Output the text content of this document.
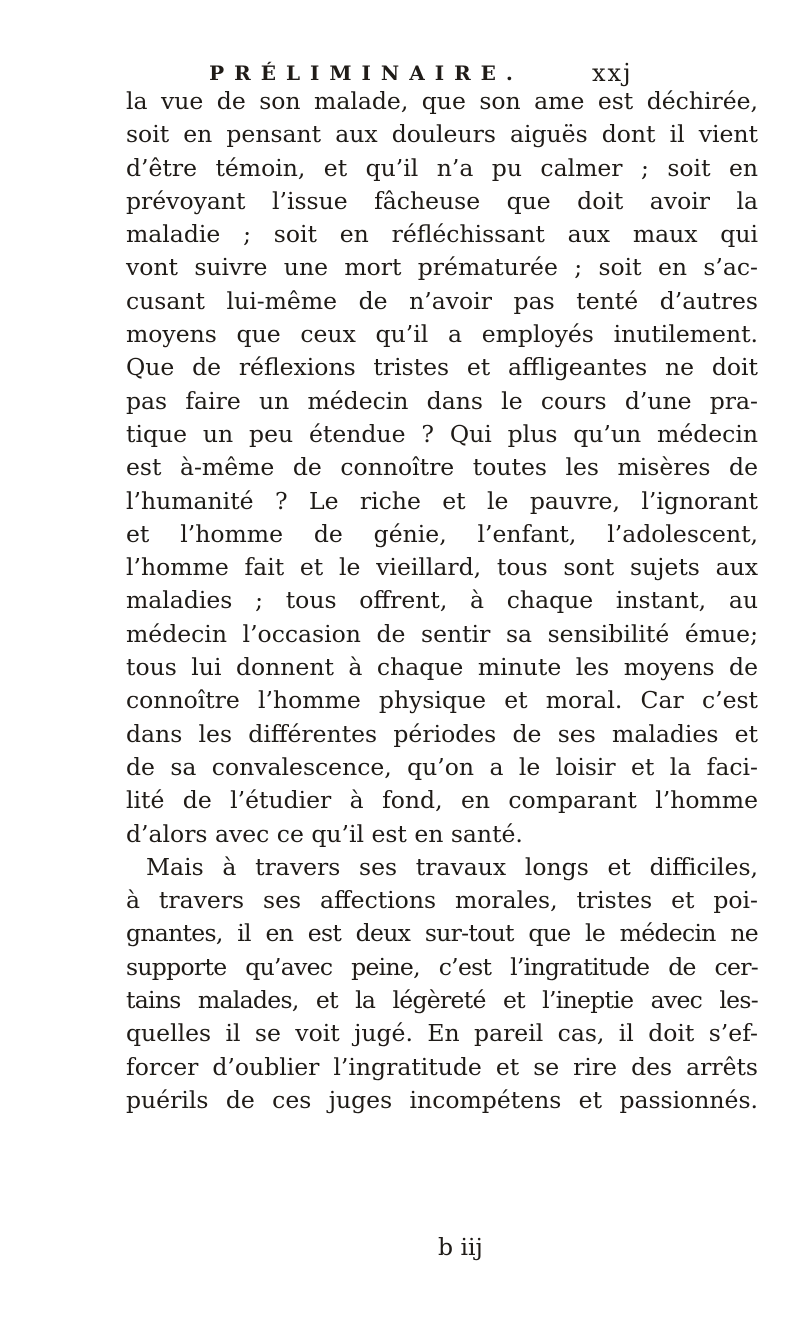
PRÉLIMINAIRE.	xxj
la vue de son malade, que son ame est déchirée,
soit en pensant aux douleurs aiguës dont il vient
d’être témoin, et qu’il n’a pu calmer ; soit en
prévoyant l’issue fâcheuse que doit avoir la
maladie ; soit en réfléchissant aux maux qui
vont suivre une mort prématurée ; soit en s’ac-
cusant lui-même de n’avoir pas tenté d’autres
moyens que ceux qu’il a employés inutilement.
Que de réflexions tristes et affligeantes ne doit
pas faire un médecin dans le cours d’une pra-
tique un peu étendue ? Qui plus qu’un médecin
est à-même de connoître toutes les misères de
l’humanité ? Le riche et le pauvre, l’ignorant
et l’homme de génie, l’enfant, l’adolescent,
l’homme fait et le vieillard, tous sont sujets aux
maladies ; tous offrent, à chaque instant, au
médecin l’occasion de sentir sa sensibilité émue;
tous lui donnent à chaque minute les moyens de
connoître l’homme physique et moral. Car c’est
dans les différentes périodes de ses maladies et
de sa convalescence, qu’on a le loisir et la faci-
lité de l’étudier à fond, en comparant l’homme
d’alors avec ce qu’il est en santé.
Mais à travers ses travaux longs et difficiles,
à travers ses affections morales, tristes et poi-
gnantes, il en est deux sur-tout que le médecin ne
supporte qu’avec peine, c’est l’ingratitude de cer-
tains malades, et la légèreté et l’ineptie avec les-
quelles il se voit jugé. En pareil cas, il doit s’ef-
forcer d’oublier l’ingratitude et se rire des arrêts
puérils de ces juges incompétens et passionnés.
b iij
